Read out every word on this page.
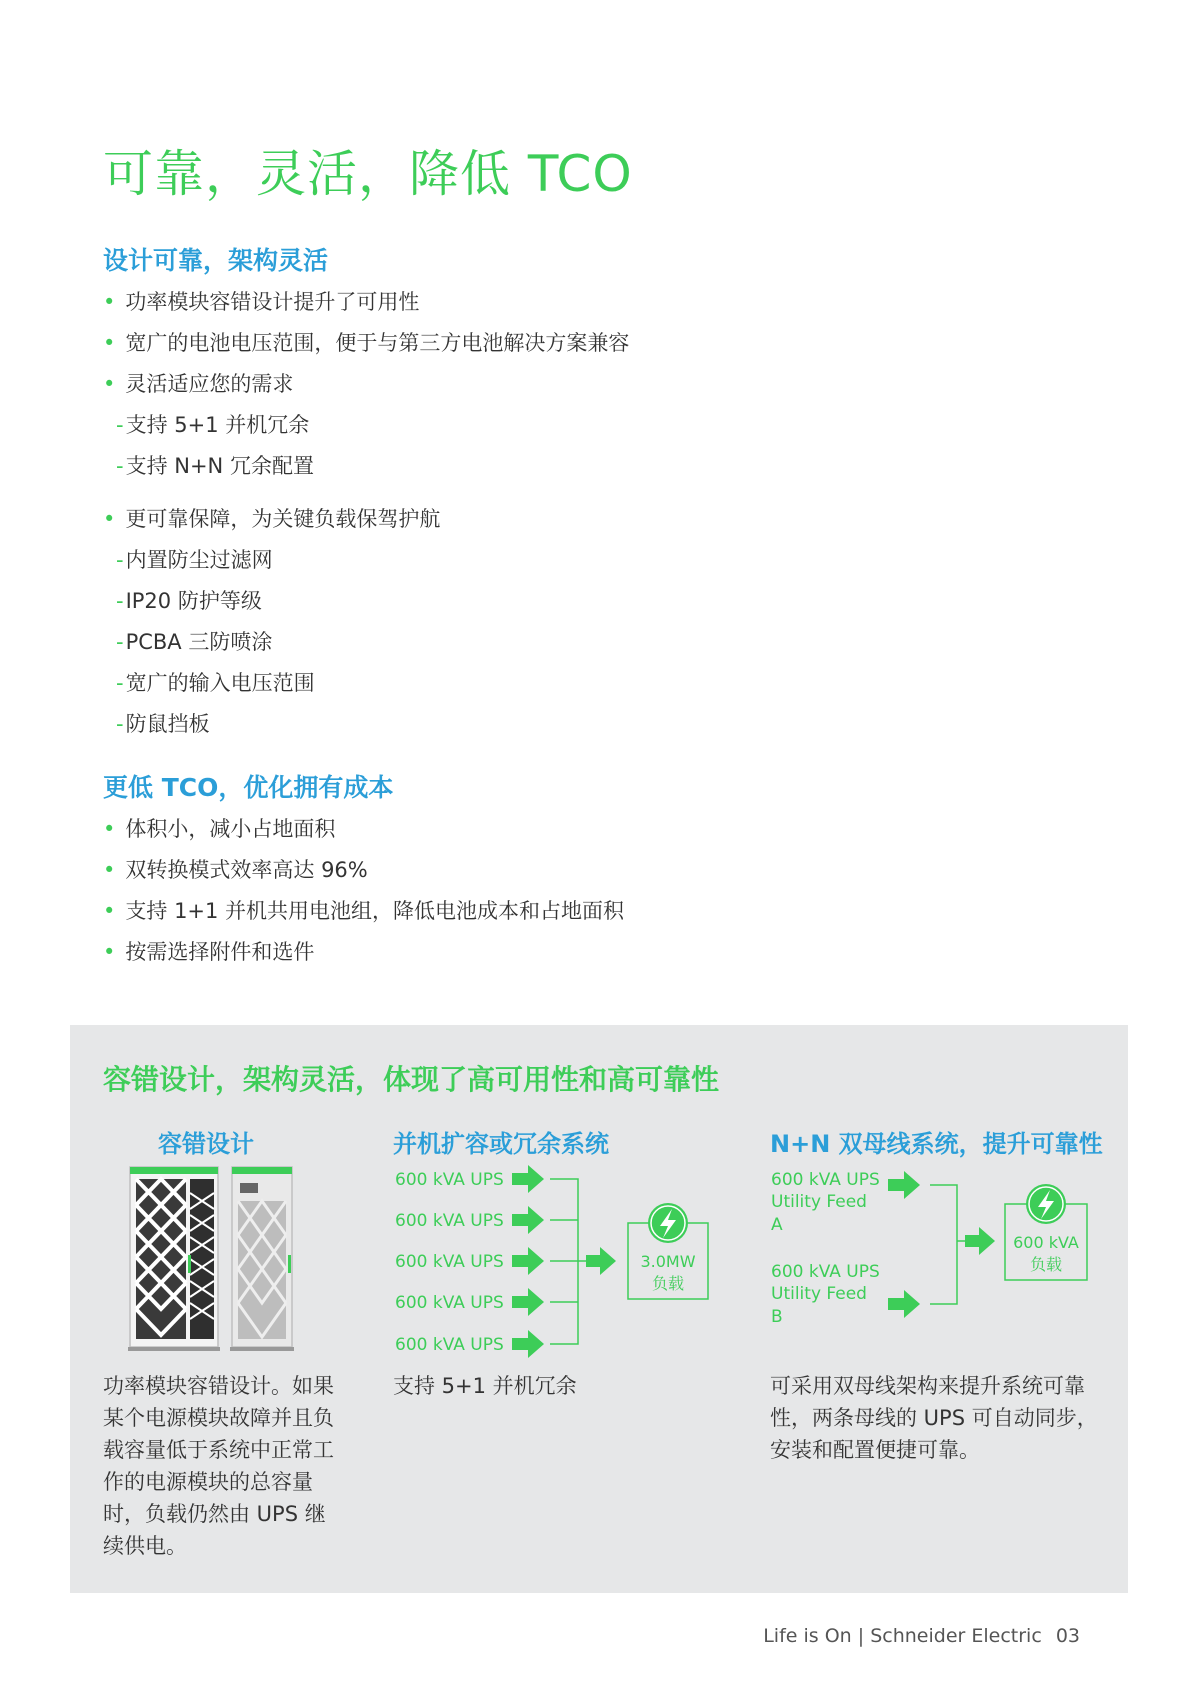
可靠，灵活，降低 TCO
设计可靠，架构灵活
• 功率模块容错设计提升了可用性
• 宽广的电池电压范围，便于与第三方电池解决方案兼容
• 灵活适应您的需求
-支持 5+1 并机冗余
-支持 N+N 冗余配置
• 更可靠保障，为关键负载保驾护航
-内置防尘过滤网
-IP20 防护等级
-PCBA 三防喷涂
-宽广的输入电压范围
-防鼠挡板
更低 TCO，优化拥有成本
• 体积小，减小占地面积
• 双转换模式效率高达 96%
• 支持 1+1 并机共用电池组，降低电池成本和占地面积
• 按需选择附件和选件
容错设计，架构灵活，体现了高可用性和高可靠性
容错设计
功率模块容错设计。如果某个电源模块故障并且负载容量低于系统中正常工作的电源模块的总容量时，负载仍然由 UPS 继续供电。
并机扩容或冗余系统
600 kVA UPS
600 kVA UPS
600 kVA UPS
600 kVA UPS
600 kVA UPS
3.0MW
负载
支持 5+1 并机冗余
N+N 双母线系统，提升可靠性
600 kVA UPS
Utility Feed
A
600 kVA UPS
Utility Feed
B
600 kVA
负载
可采用双母线架构来提升系统可靠性，两条母线的 UPS 可自动同步，安装和配置便捷可靠。
Life is On | Schneider Electric 03
